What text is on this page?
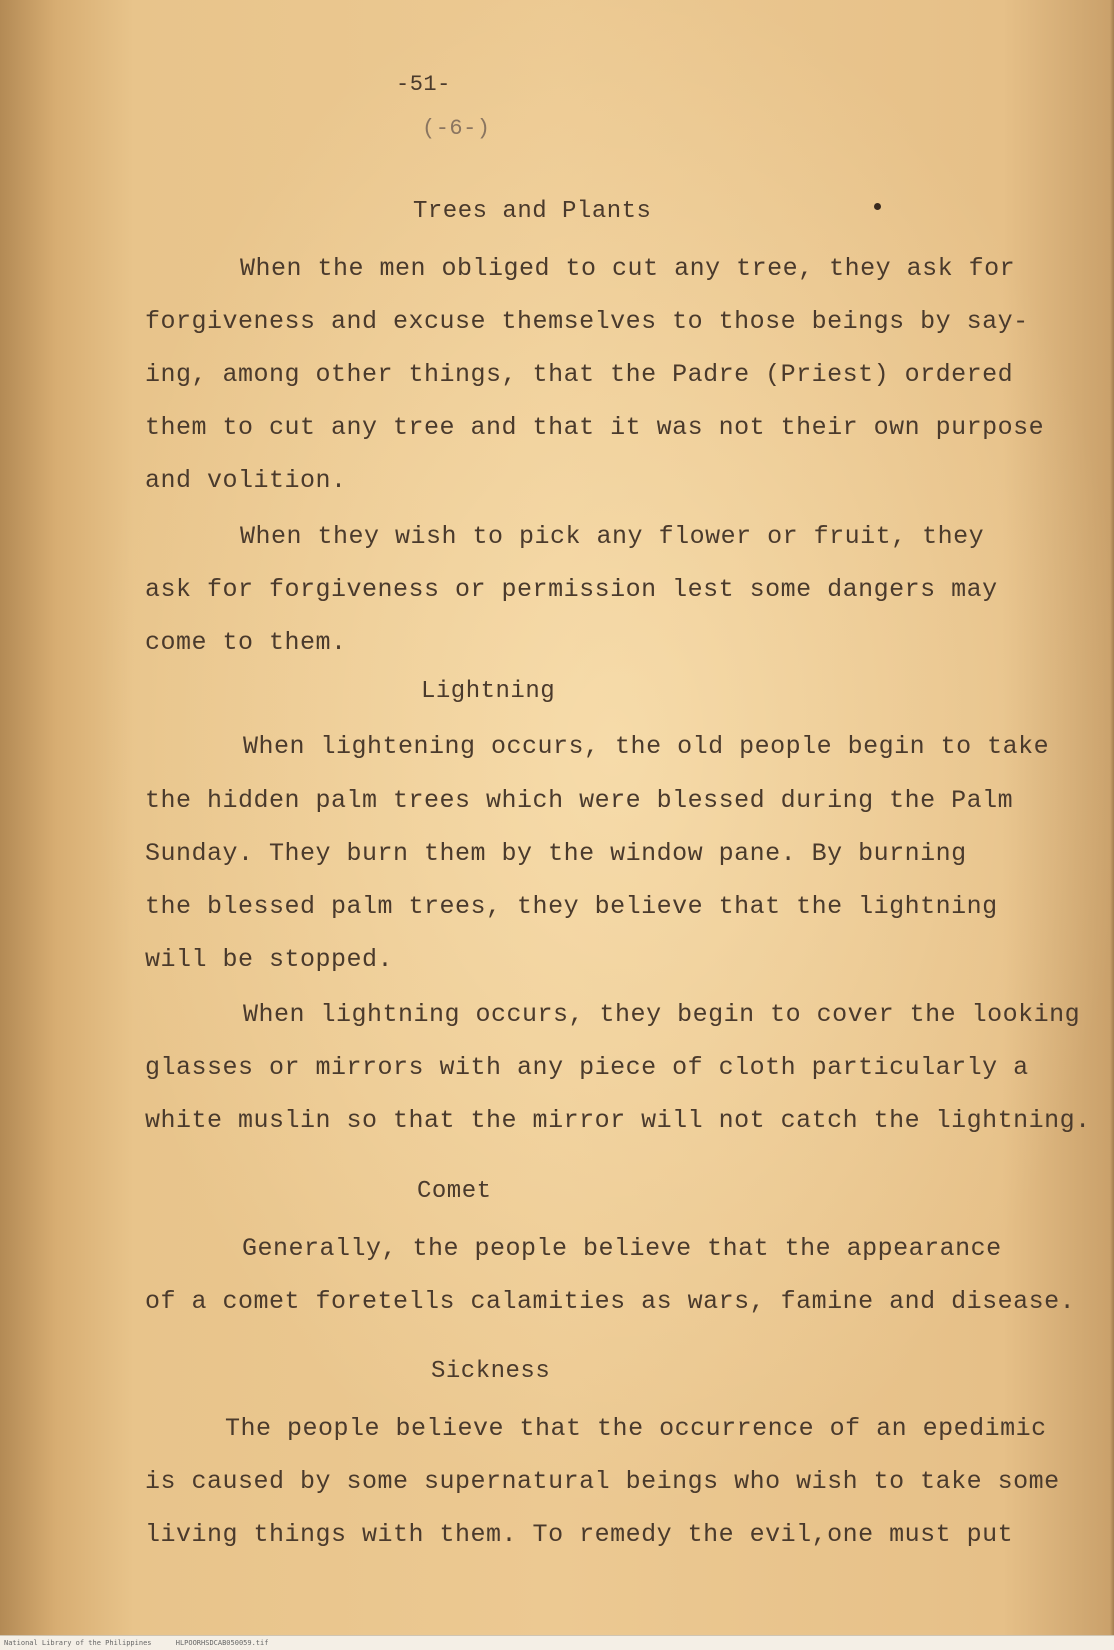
-51-
(-6-)
Trees and Plants
When the men obliged to cut any tree, they ask for
forgiveness and excuse themselves to those beings by say-
ing, among other things, that the Padre (Priest) ordered
them to cut any tree and that it was not their own purpose
and volition.
When they wish to pick any flower or fruit, they
ask for forgiveness or permission lest some dangers may
come to them.
Lightning
When lightening occurs, the old people begin to take
the hidden palm trees which were blessed during the Palm
Sunday. They burn them by the window pane. By burning
the blessed palm trees, they believe that the lightning
will be stopped.
When lightning occurs, they begin to cover the looking
glasses or mirrors with any piece of cloth particularly a
white muslin so that the mirror will not catch the lightning.
Comet
Generally, the people believe that the appearance
of a comet foretells calamities as wars, famine and disease.
Sickness
The people believe that the occurrence of an epedimic
is caused by some supernatural beings who wish to take some
living things with them. To remedy the evil,one must put
National Library of the Philippines	HLPOORHSDCAB050059.tif
